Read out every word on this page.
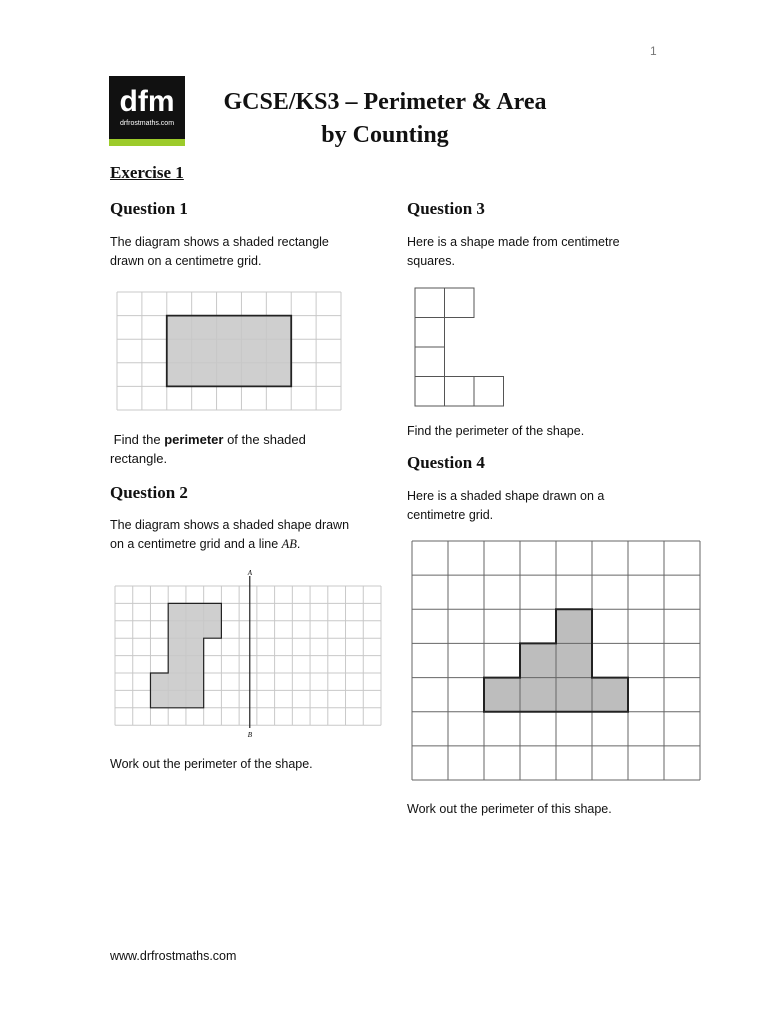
1
dfm
drfrostmaths.com
GCSE/KS3 – Perimeter & Area
by Counting
Exercise 1
Question 1
The diagram shows a shaded rectangle
drawn on a centimetre grid.
Find the perimeter of the shaded
rectangle.
Question 2
The diagram shows a shaded shape drawn
on a centimetre grid and a line AB.
A
B
Work out the perimeter of the shape.
Question 3
Here is a shape made from centimetre
squares.
Find the perimeter of the shape.
Question 4
Here is a shaded shape drawn on a
centimetre grid.
Work out the perimeter of this shape.
www.drfrostmaths.com
